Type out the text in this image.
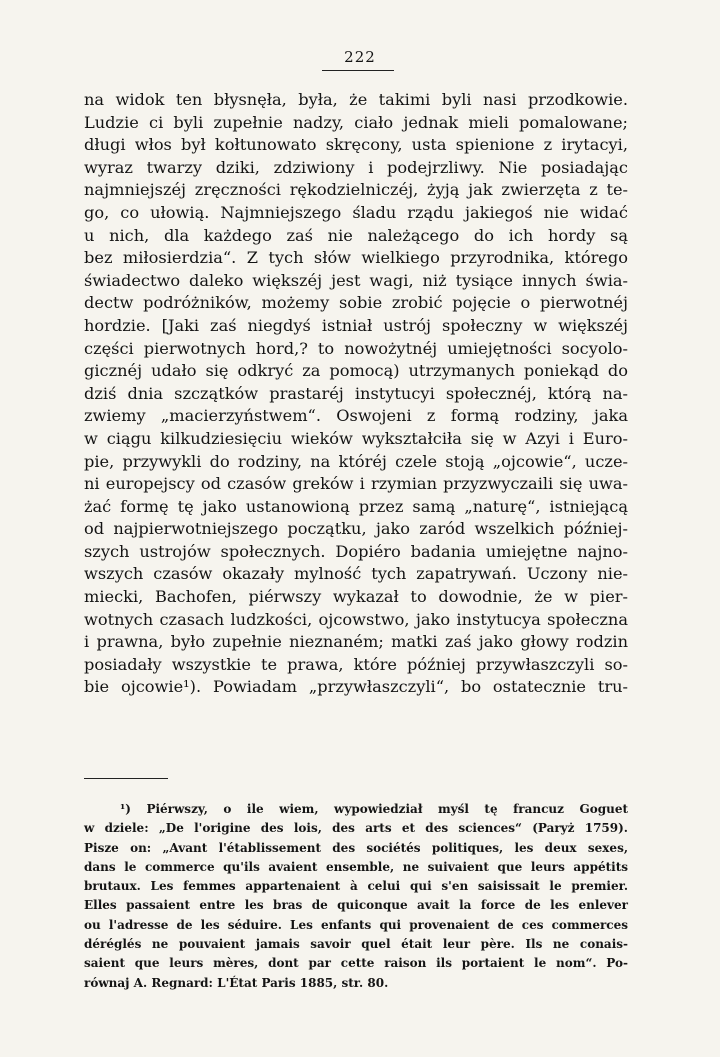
222
na widok ten błysnęła, była, że takimi byli nasi przodkowie.
Ludzie ci byli zupełnie nadzy, ciało jednak mieli pomalowane;
długi włos był kołtunowato skręcony, usta spienione z irytacyi,
wyraz twarzy dziki, zdziwiony i podejrzliwy. Nie posiadając
najmniejszéj zręczności rękodzielniczéj, żyją jak zwierzęta z te-
go, co ułowią. Najmniejszego śladu rządu jakiegoś nie widać
u nich, dla każdego zaś nie należącego do ich hordy są
bez miłosierdzia“. Z tych słów wielkiego przyrodnika, którego
świadectwo daleko większéj jest wagi, niż tysiące innych świa-
dectw podróżników, możemy sobie zrobić pojęcie o pierwotnéj
hordzie. [Jaki zaś niegdyś istniał ustrój społeczny w większéj
części pierwotnych hord,? to nowożytnéj umiejętności socyolo-
gicznéj udało się odkryć za pomocą) utrzymanych poniekąd do
dziś dnia szczątków prastaréj instytucyi społecznéj, którą na-
zwiemy „macierzyństwem“. Oswojeni z formą rodziny, jaka
w ciągu kilkudziesięciu wieków wykształciła się w Azyi i Euro-
pie, przywykli do rodziny, na któréj czele stoją „ojcowie“, ucze-
ni europejscy od czasów greków i rzymian przyzwyczaili się uwa-
żać formę tę jako ustanowioną przez samą „naturę“, istniejącą
od najpierwotniejszego początku, jako zaród wszelkich później-
szych ustrojów społecznych. Dopiéro badania umiejętne najno-
wszych czasów okazały mylność tych zapatrywań. Uczony nie-
miecki, Bachofen, piérwszy wykazał to dowodnie, że w pier-
wotnych czasach ludzkości, ojcowstwo, jako instytucya społeczna
i prawna, było zupełnie nieznaném; matki zaś jako głowy rodzin
posiadały wszystkie te prawa, które później przywłaszczyli so-
bie ojcowie¹). Powiadam „przywłaszczyli“, bo ostatecznie tru-
¹) Piérwszy, o ile wiem, wypowiedział myśl tę francuz Goguet
w dziele: „De l'origine des lois, des arts et des sciences“ (Paryż 1759).
Pisze on: „Avant l'établissement des sociétés politiques, les deux sexes,
dans le commerce qu'ils avaient ensemble, ne suivaient que leurs appétits
brutaux. Les femmes appartenaient à celui qui s'en saisissait le premier.
Elles passaient entre les bras de quiconque avait la force de les enlever
ou l'adresse de les séduire. Les enfants qui provenaient de ces commerces
déréglés ne pouvaient jamais savoir quel était leur père. Ils ne conais-
saient que leurs mères, dont par cette raison ils portaient le nom“. Po-
równaj A. Regnard: L'État Paris 1885, str. 80.
